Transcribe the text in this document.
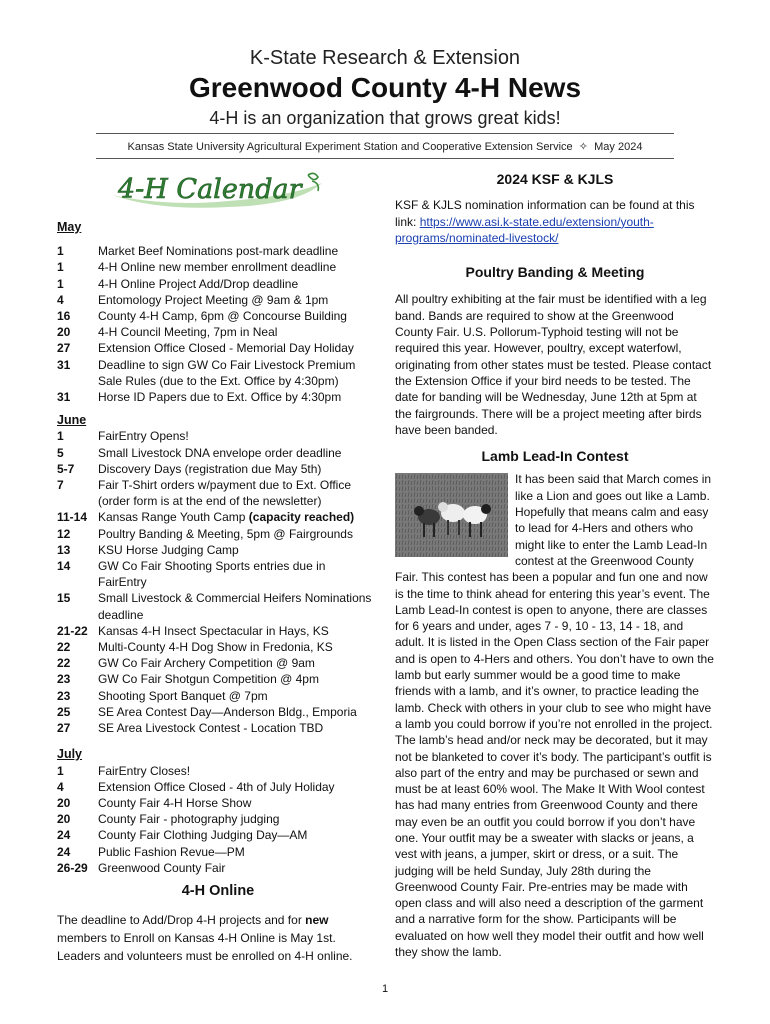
K-State Research & Extension
Greenwood County 4-H News
4-H is an organization that grows great kids!
Kansas State University Agricultural Experiment Station and Cooperative Extension Service  ✧  May 2024
4-H Calendar
May
1	Market Beef Nominations post-mark deadline
1	4-H Online new member enrollment deadline
1	4-H Online Project Add/Drop deadline
4	Entomology Project Meeting @ 9am & 1pm
16	County 4-H Camp, 6pm @ Concourse Building
20	4-H Council Meeting, 7pm in Neal
27	Extension Office Closed - Memorial Day Holiday
31	Deadline to sign GW Co Fair Livestock Premium Sale Rules (due to the Ext. Office by 4:30pm)
31	Horse ID Papers due to Ext. Office by 4:30pm
June
1	FairEntry Opens!
5	Small Livestock DNA envelope order deadline
5-7	Discovery Days (registration due May 5th)
7	Fair T-Shirt orders w/payment due to Ext. Office (order form is at the end of the newsletter)
11-14 Kansas Range Youth Camp (capacity reached)
12	Poultry Banding & Meeting, 5pm @ Fairgrounds
13	KSU Horse Judging Camp
14	GW Co Fair Shooting Sports entries due in FairEntry
15	Small Livestock & Commercial Heifers Nominations deadline
21-22 Kansas 4-H Insect Spectacular in Hays, KS
22	Multi-County 4-H Dog Show in Fredonia, KS
22	GW Co Fair Archery Competition @ 9am
23	GW Co Fair Shotgun Competition @ 4pm
23	Shooting Sport Banquet @ 7pm
25	SE Area Contest Day—Anderson Bldg., Emporia
27	SE Area Livestock Contest - Location TBD
July
1	FairEntry Closes!
4	Extension Office Closed - 4th of July Holiday
20	County Fair 4-H Horse Show
20	County Fair - photography judging
24	County Fair Clothing Judging Day—AM
24	Public Fashion Revue—PM
26-29 Greenwood County Fair
4-H Online

The deadline to Add/Drop 4-H projects and for new members to Enroll on Kansas 4-H Online is May 1st. Leaders and volunteers must be enrolled on 4-H online.

2024 KSF & KJLS

KSF & KJLS nomination information can be found at this link: https://www.asi.k-state.edu/extension/youth-programs/nominated-livestock/

Poultry Banding & Meeting

All poultry exhibiting at the fair must be identified with a leg band. Bands are required to show at the Greenwood County Fair. U.S. Pollorum-Typhoid testing will not be required this year. However, poultry, except waterfowl, originating from other states must be tested. Please contact the Extension Office if your bird needs to be tested. The date for banding will be Wednesday, June 12th at 5pm at the fairgrounds. There will be a project meeting after birds have been banded.

Lamb Lead-In Contest

It has been said that March comes in like a Lion and goes out like a Lamb. Hopefully that means calm and easy to lead for 4-Hers and others who might like to enter the Lamb Lead-In contest at the Greenwood County Fair. This contest has been a popular and fun one and now is the time to think ahead for entering this year’s event. The Lamb Lead-In contest is open to anyone, there are classes for 6 years and under, ages 7 - 9, 10 - 13, 14 - 18, and adult. It is listed in the Open Class section of the Fair paper and is open to 4-Hers and others. You don’t have to own the lamb but early summer would be a good time to make friends with a lamb, and it’s owner, to practice leading the lamb. Check with others in your club to see who might have a lamb you could borrow if you’re not enrolled in the project. The lamb’s head and/or neck may be decorated, but it may not be blanketed to cover it’s body. The participant’s outfit is also part of the entry and may be purchased or sewn and must be at least 60% wool. The Make It With Wool contest has had many entries from Greenwood County and there may even be an outfit you could borrow if you don’t have one. Your outfit may be a sweater with slacks or jeans, a vest with jeans, a jumper, skirt or dress, or a suit. The judging will be held Sunday, July 28th during the Greenwood County Fair. Pre-entries may be made with open class and will also need a description of the garment and a narrative form for the show. Participants will be evaluated on how well they model their outfit and how well they show the lamb.

1
